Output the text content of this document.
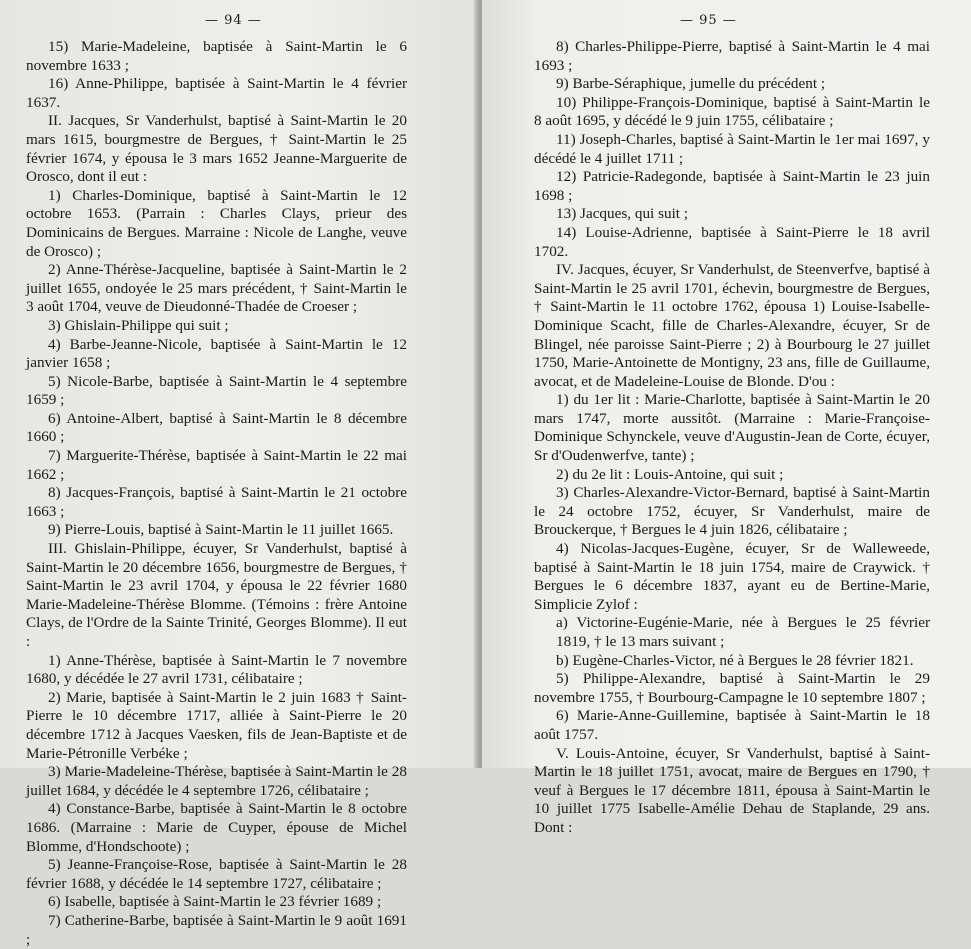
— 94 —

15) Marie-Madeleine, baptisée à Saint-Martin le 6 novembre 1633 ;

16) Anne-Philippe, baptisée à Saint-Martin le 4 février 1637.

II. Jacques, Sr Vanderhulst, baptisé à Saint-Martin le 20 mars 1615, bourgmestre de Bergues, † Saint-Martin le 25 février 1674, y épousa le 3 mars 1652 Jeanne-Marguerite de Orosco, dont il eut :

1) Charles-Dominique, baptisé à Saint-Martin le 12 octobre 1653. (Parrain : Charles Clays, prieur des Dominicains de Bergues. Marraine : Nicole de Langhe, veuve de Orosco) ;

2) Anne-Thérèse-Jacqueline, baptisée à Saint-Martin le 2 juillet 1655, ondoyée le 25 mars précédent, † Saint-Martin le 3 août 1704, veuve de Dieudonné-Thadée de Croeser ;

3) Ghislain-Philippe qui suit ;

4) Barbe-Jeanne-Nicole, baptisée à Saint-Martin le 12 janvier 1658 ;

5) Nicole-Barbe, baptisée à Saint-Martin le 4 septembre 1659 ;

6) Antoine-Albert, baptisé à Saint-Martin le 8 décembre 1660 ;

7) Marguerite-Thérèse, baptisée à Saint-Martin le 22 mai 1662 ;

8) Jacques-François, baptisé à Saint-Martin le 21 octobre 1663 ;

9) Pierre-Louis, baptisé à Saint-Martin le 11 juillet 1665.

III. Ghislain-Philippe, écuyer, Sr Vanderhulst, baptisé à Saint-Martin le 20 décembre 1656, bourgmestre de Bergues, † Saint-Martin le 23 avril 1704, y épousa le 22 février 1680 Marie-Madeleine-Thérèse Blomme. (Témoins : frère Antoine Clays, de l'Ordre de la Sainte Trinité, Georges Blomme). Il eut :

1) Anne-Thérèse, baptisée à Saint-Martin le 7 novembre 1680, y décédée le 27 avril 1731, célibataire ;

2) Marie, baptisée à Saint-Martin le 2 juin 1683 † Saint-Pierre le 10 décembre 1717, alliée à Saint-Pierre le 20 décembre 1712 à Jacques Vaesken, fils de Jean-Baptiste et de Marie-Pétronille Verbéke ;

3) Marie-Madeleine-Thérèse, baptisée à Saint-Martin le 28 juillet 1684, y décédée le 4 septembre 1726, célibataire ;

4) Constance-Barbe, baptisée à Saint-Martin le 8 octobre 1686. (Marraine : Marie de Cuyper, épouse de Michel Blomme, d'Hondschoote) ;

5) Jeanne-Françoise-Rose, baptisée à Saint-Martin le 28 février 1688, y décédée le 14 septembre 1727, célibataire ;

6) Isabelle, baptisée à Saint-Martin le 23 février 1689 ;

7) Catherine-Barbe, baptisée à Saint-Martin le 9 août 1691 ;

— 95 —

8) Charles-Philippe-Pierre, baptisé à Saint-Martin le 4 mai 1693 ;

9) Barbe-Séraphique, jumelle du précédent ;

10) Philippe-François-Dominique, baptisé à Saint-Martin le 8 août 1695, y décédé le 9 juin 1755, célibataire ;

11) Joseph-Charles, baptisé à Saint-Martin le 1er mai 1697, y décédé le 4 juillet 1711 ;

12) Patricie-Radegonde, baptisée à Saint-Martin le 23 juin 1698 ;

13) Jacques, qui suit ;

14) Louise-Adrienne, baptisée à Saint-Pierre le 18 avril 1702.

IV. Jacques, écuyer, Sr Vanderhulst, de Steenverfve, baptisé à Saint-Martin le 25 avril 1701, échevin, bourgmestre de Bergues, † Saint-Martin le 11 octobre 1762, épousa 1) Louise-Isabelle-Dominique Scacht, fille de Charles-Alexandre, écuyer, Sr de Blingel, née paroisse Saint-Pierre ; 2) à Bourbourg le 27 juillet 1750, Marie-Antoinette de Montigny, 23 ans, fille de Guillaume, avocat, et de Madeleine-Louise de Blonde. D'ou :

1) du 1er lit : Marie-Charlotte, baptisée à Saint-Martin le 20 mars 1747, morte aussitôt. (Marraine : Marie-Françoise-Dominique Schynckele, veuve d'Augustin-Jean de Corte, écuyer, Sr d'Oudenwerfve, tante) ;

2) du 2e lit : Louis-Antoine, qui suit ;

3) Charles-Alexandre-Victor-Bernard, baptisé à Saint-Martin le 24 octobre 1752, écuyer, Sr Vanderhulst, maire de Brouckerque, † Bergues le 4 juin 1826, célibataire ;

4) Nicolas-Jacques-Eugène, écuyer, Sr de Walleweede, baptisé à Saint-Martin le 18 juin 1754, maire de Craywick. † Bergues le 6 décembre 1837, ayant eu de Bertine-Marie, Simplicie Zylof :

a) Victorine-Eugénie-Marie, née à Bergues le 25 février 1819, † le 13 mars suivant ;

b) Eugène-Charles-Victor, né à Bergues le 28 février 1821.

5) Philippe-Alexandre, baptisé à Saint-Martin le 29 novembre 1755, † Bourbourg-Campagne le 10 septembre 1807 ;

6) Marie-Anne-Guillemine, baptisée à Saint-Martin le 18 août 1757.

V. Louis-Antoine, écuyer, Sr Vanderhulst, baptisé à Saint-Martin le 18 juillet 1751, avocat, maire de Bergues en 1790, † veuf à Bergues le 17 décembre 1811, épousa à Saint-Martin le 10 juillet 1775 Isabelle-Amélie Dehau de Staplande, 29 ans. Dont :
